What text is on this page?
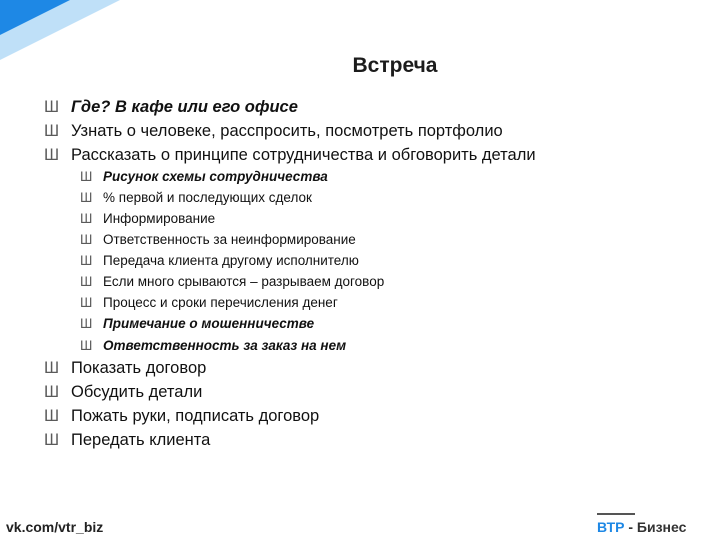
Встреча
Ш Где? В кафе или его офисе
Ш Узнать о человеке, расспросить, посмотреть портфолио
Ш Рассказать о принципе сотрудничества и обговорить детали
Ш Рисунок схемы сотрудничества
Ш % первой и последующих сделок
Ш Информирование
Ш Ответственность за неинформирование
Ш Передача клиента другому исполнителю
Ш Если много срываются – разрываем договор
Ш Процесс и сроки перечисления денег
Ш Примечание о мошенничестве
Ш Ответственность за заказ на нем
Ш Показать договор
Ш Обсудить детали
Ш Пожать руки, подписать договор
Ш Передать клиента
vk.com/vtr_biz	ВТР - Бизнес
